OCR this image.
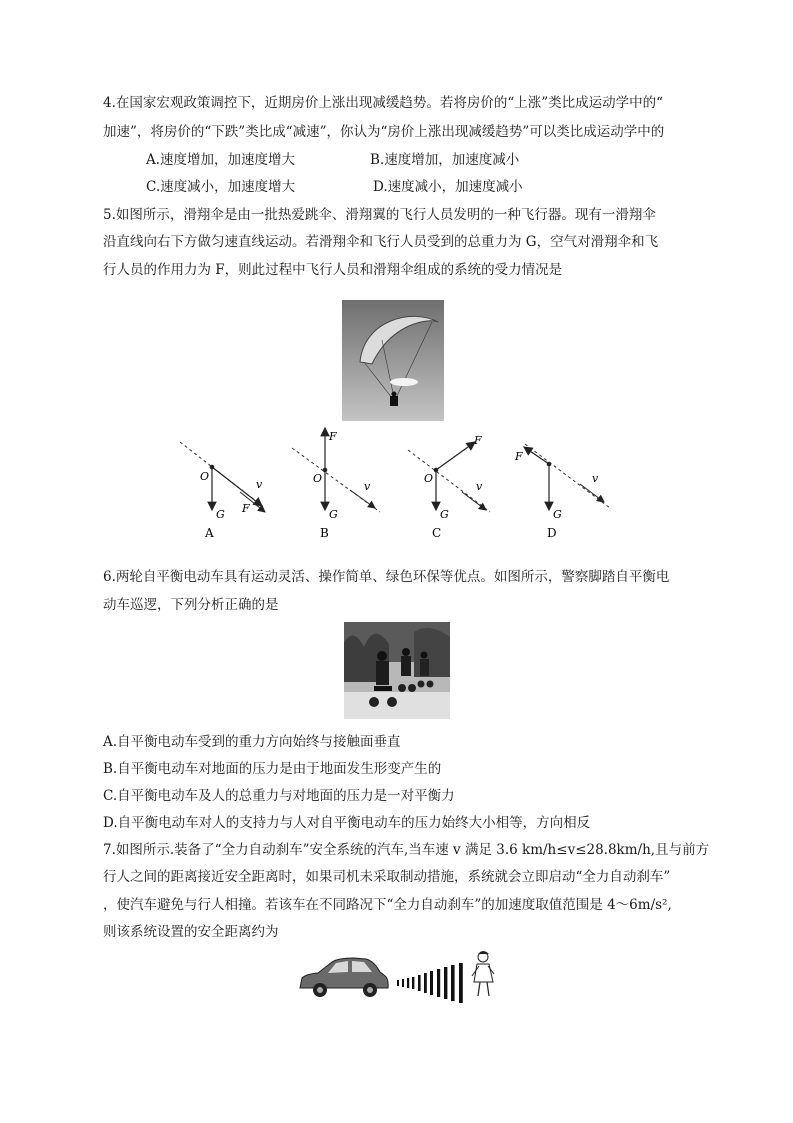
4.在国家宏观政策调控下，近期房价上涨出现减缓趋势。若将房价的“上涨”类比成运动学中的“
加速”，将房价的“下跌”类比成“减速”，你认为“房价上涨出现减缓趋势”可以类比成运动学中的
A.速度增加，加速度增大	B.速度增加，加速度减小
C.速度减小，加速度增大	D.速度减小，加速度减小
5.如图所示，滑翔伞是由一批热爱跳伞、滑翔翼的飞行人员发明的一种飞行器。现有一滑翔伞
沿直线向右下方做匀速直线运动。若滑翔伞和飞行人员受到的总重力为 G，空气对滑翔伞和飞
行人员的作用力为 F，则此过程中飞行人员和滑翔伞组成的系统的受力情况是
O
G F
v
A
F
O
G
v
B
F
O
G
v
C
F
G
v
D
6.两轮自平衡电动车具有运动灵活、操作简单、绿色环保等优点。如图所示，警察脚踏自平衡电
动车巡逻，下列分析正确的是
A.自平衡电动车受到的重力方向始终与接触面垂直
B.自平衡电动车对地面的压力是由于地面发生形变产生的
C.自平衡电动车及人的总重力与对地面的压力是一对平衡力
D.自平衡电动车对人的支持力与人对自平衡电动车的压力始终大小相等，方向相反
7.如图所示.装备了“全力自动刹车”安全系统的汽车,当车速 v 满足 3.6 km/h≤v≤28.8km/h,且与前方
行人之间的距离接近安全距离时，如果司机未采取制动措施，系统就会立即启动“全力自动刹车”
，使汽车避免与行人相撞。若该车在不同路况下“全力自动刹车”的加速度取值范围是 4～6m/s²,
则该系统设置的安全距离约为
